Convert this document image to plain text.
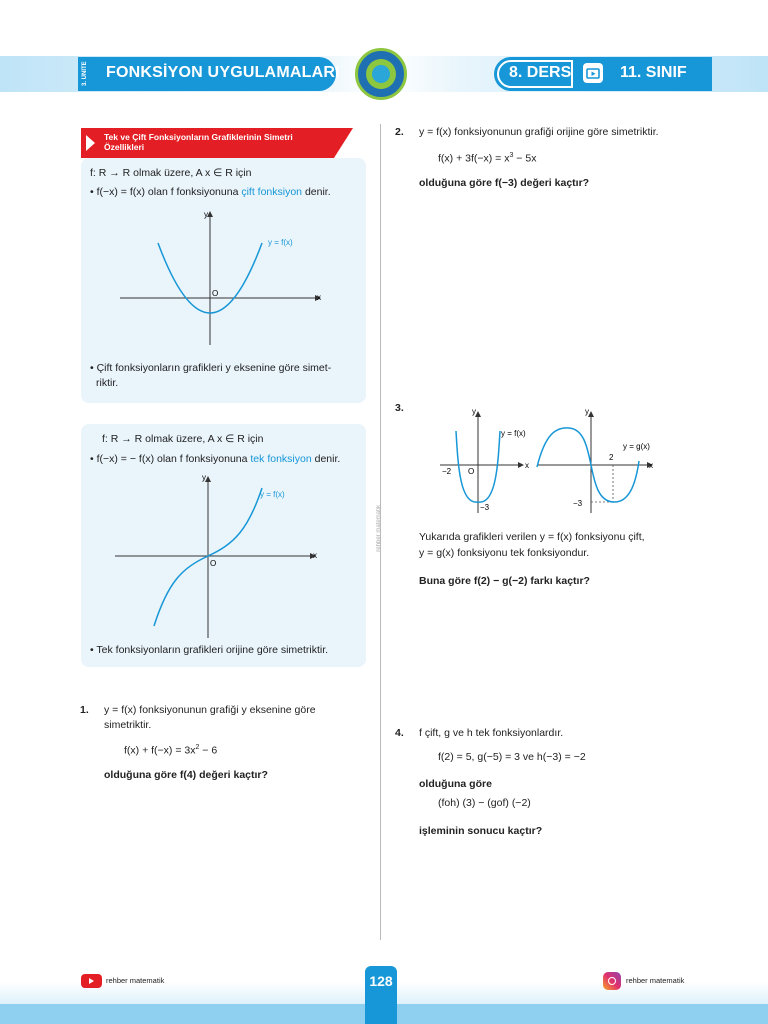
3. ÜNİTE	FONKSİYON UYGULAMALARI	8. DERS	11. SINIF
Tek ve Çift Fonksiyonların Grafiklerinin Simetri Özellikleri
f: R → R olmak üzere, A x ∈ R için
• f(−x) = f(x) olan f fonksiyonuna çift fonksiyon denir.
y
x
O
y = f(x)
• Çift fonksiyonların grafikleri y eksenine göre simet-
riktir.
f: R → R olmak üzere, A x ∈ R için
• f(−x) = − f(x) olan f fonksiyonuna tek fonksiyon denir.
y
x
O
y = f(x)
• Tek fonksiyonların grafikleri orijine göre simetriktir.
1. y = f(x) fonksiyonunun grafiği y eksenine göre
simetriktir.
$f(x) + f(-x) = 3x^2 - 6$
olduğuna göre f(4) değeri kaçtır?
rehber matematik
2. y = f(x) fonksiyonunun grafiği orijine göre simetriktir.
$f(x) + 3f(-x) = x^3 - 5x$
olduğuna göre f(−3) değeri kaçtır?
3.	y
x
O
−2
−3
y = f(x)
y
x
2
−3
y = g(x)
Yukarıda grafikleri verilen y = f(x) fonksiyonu çift,
y = g(x) fonksiyonu tek fonksiyondur.
Buna göre f(2) − g(−2) farkı kaçtır?
4. f çift, g ve h tek fonksiyonlardır.
f(2) = 5, g(−5) = 3 ve h(−3) = −2
olduğuna göre
(foh) (3) − (gof) (−2)
işleminin sonucu kaçtır?
rehber matematik	128	rehber matematik
